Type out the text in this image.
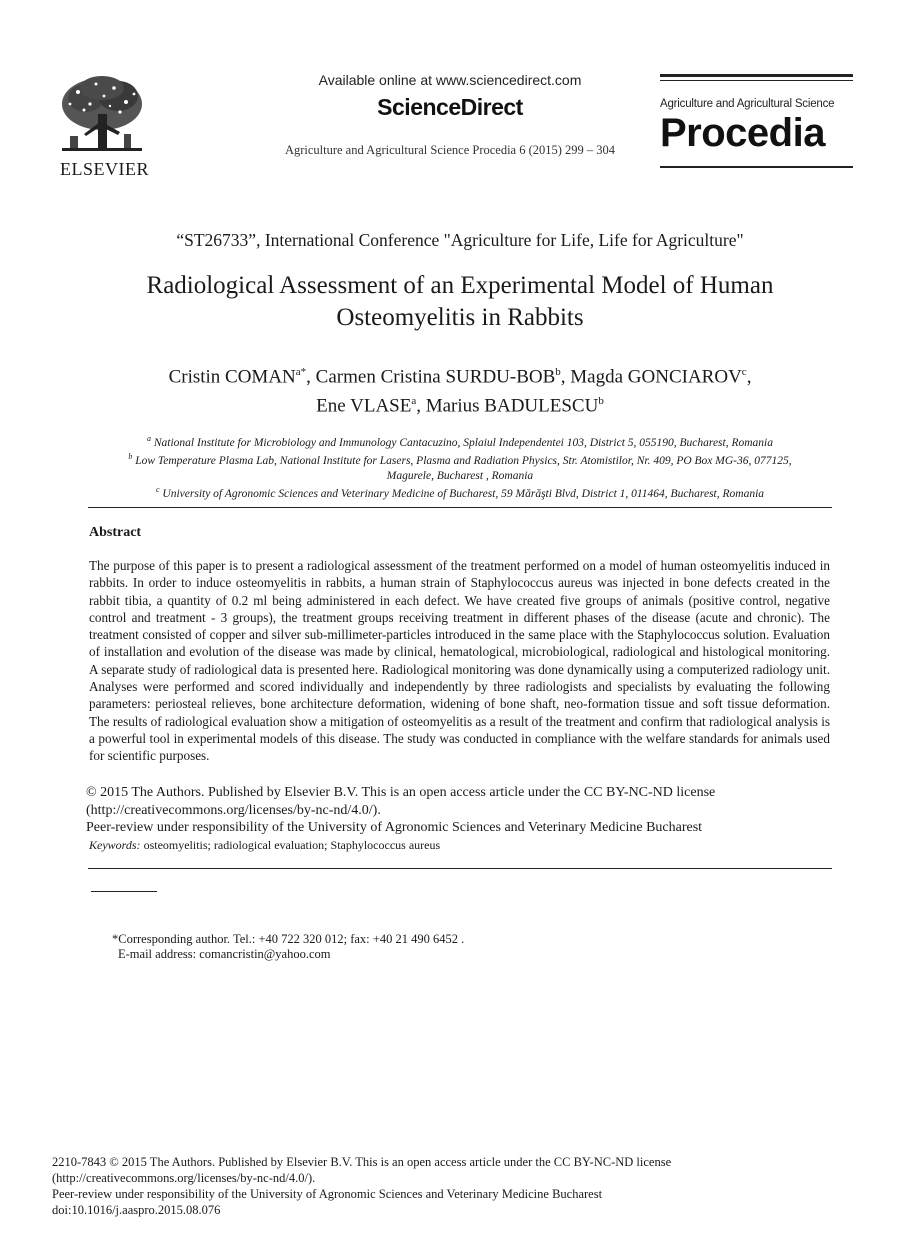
ELSEVIER
Available online at www.sciencedirect.com
ScienceDirect
Agriculture and Agricultural Science Procedia 6 (2015) 299 – 304
Agriculture and Agricultural Science
Procedia
“ST26733”, International Conference "Agriculture for Life, Life for Agriculture"
Radiological Assessment of an Experimental Model of Human
Osteomyelitis in Rabbits
Cristin $COMAN^{a*}$, Carmen Cristina SURDU-BOB$^b$, Magda GONCIAROV$^c$,
Ene VLASE$^a$, Marius BADULESCU$^b$
$^a$ National Institute for Microbiology and Immunology Cantacuzino, Splaiul Independentei 103, District 5, 055190, Bucharest, Romania
$^b$ Low Temperature Plasma Lab, National Institute for Lasers, Plasma and Radiation Physics, Str. Atomistilor, Nr. 409, PO Box MG-36, 077125,
Magurele, Bucharest , Romania
$^c$ University of Agronomic Sciences and Veterinary Medicine of Bucharest, 59 Mărăşti Blvd, District 1, 011464, Bucharest, Romania
Abstract
The purpose of this paper is to present a radiological assessment of the treatment performed on a model of human osteomyelitis induced in rabbits. In order to induce osteomyelitis in rabbits, a human strain of Staphylococcus aureus was injected in bone defects created in the rabbit tibia, a quantity of 0.2 ml being administered in each defect. We have created five groups of animals (positive control, negative control and treatment - 3 groups), the treatment groups receiving treatment in different phases of the disease (acute and chronic). The treatment consisted of copper and silver sub-millimeter-particles introduced in the same place with the Staphylococcus solution. Evaluation of installation and evolution of the disease was made by clinical, hematological, microbiological, radiological and histological monitoring. A separate study of radiological data is presented here. Radiological monitoring was done dynamically using a computerized radiology unit. Analyses were performed and scored individually and independently by three radiologists and specialists by evaluating the following parameters: periosteal relieves, bone architecture deformation, widening of bone shaft, neo-formation tissue and soft tissue deformation. The results of radiological evaluation show a mitigation of osteomyelitis as a result of the treatment and confirm that radiological analysis is a powerful tool in experimental models of this disease. The study was conducted in compliance with the welfare standards for animals used for scientific purposes.
© 2015 The Authors. Published by Elsevier B.V. This is an open access article under the CC BY-NC-ND license
(http://creativecommons.org/licenses/by-nc-nd/4.0/).
Peer-review under responsibility of the University of Agronomic Sciences and Veterinary Medicine Bucharest
Keywords: osteomyelitis; radiological evaluation; Staphylococcus aureus
*Corresponding author. Tel.: +40 722 320 012; fax: +40 21 490 6452 .
E-mail address: comancristin@yahoo.com
2210-7843 © 2015 The Authors. Published by Elsevier B.V. This is an open access article under the CC BY-NC-ND license
(http://creativecommons.org/licenses/by-nc-nd/4.0/).
Peer-review under responsibility of the University of Agronomic Sciences and Veterinary Medicine Bucharest
doi:10.1016/j.aaspro.2015.08.076
